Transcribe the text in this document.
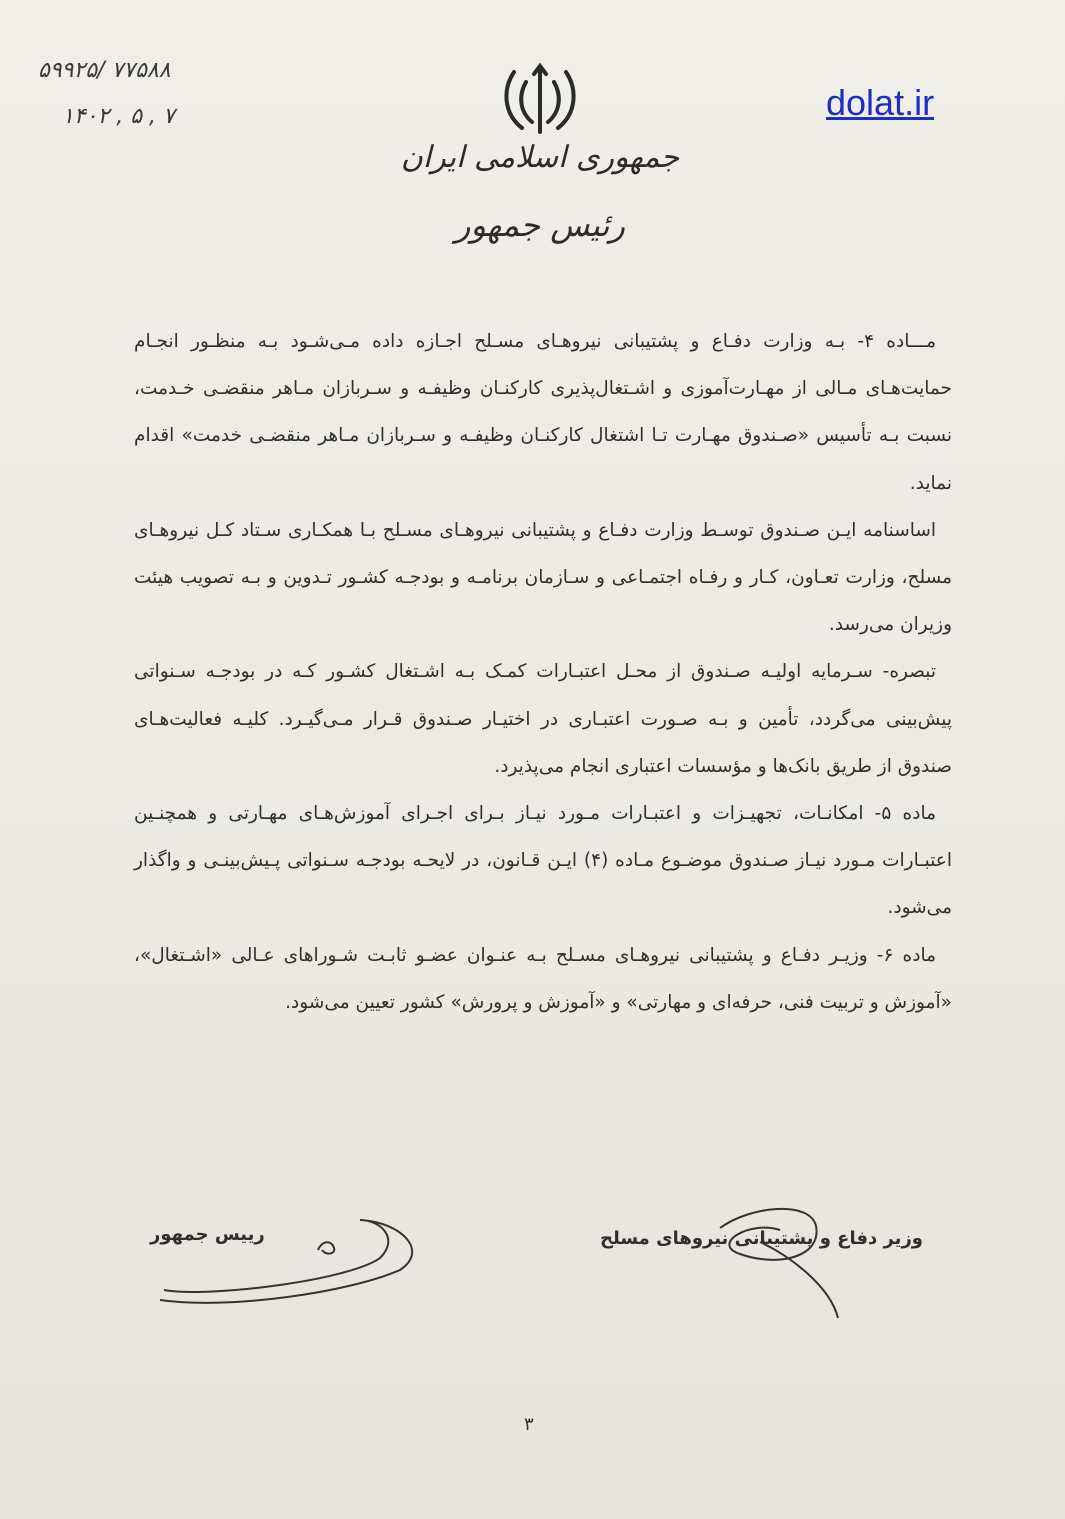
۵۹۹۲۵/ ۷۷۵۸۸
۱۴۰۲ , ۵ , ۷	dolat.ir
جمهوری اسلامی ایران
رئیس جمهور

مـــاده ۴- بـه وزارت دفـاع و پشتیبانی نیروهـای مسـلح اجـازه داده مـی‌شـود بـه منظـور انجـام حمایت‌هـای مـالی از مهـارت‌آموزی و اشـتغال‌پذیری کارکنـان وظیفـه و سـربازان مـاهر منقضـی خـدمت، نسبت بـه تأسیس «صـندوق مهـارت تـا اشتغال کارکنـان وظیفـه و سـربازان مـاهر منقضـی خدمت» اقدام نماید.

اساسنامه ایـن صـندوق توسـط وزارت دفـاع و پشتیبانی نیروهـای مسـلح بـا همکـاری سـتاد کـل نیروهـای مسلح، وزارت تعـاون، کـار و رفـاه اجتمـاعی و سـازمان برنامـه و بودجـه کشـور تـدوین و بـه تصویب هیئت وزیران می‌رسد.

تبصره- سـرمایه اولیـه صـندوق از محـل اعتبـارات کمـک بـه اشـتغال کشـور کـه در بودجـه سـنواتی پیش‌بینی می‌گردد، تأمین و بـه صـورت اعتبـاری در اختیـار صـندوق قـرار مـی‌گیـرد. کلیـه فعالیت‌هـای صندوق از طریق بانک‌ها و مؤسسات اعتباری انجام می‌پذیرد.

ماده ۵- امکانـات، تجهیـزات و اعتبـارات مـورد نیـاز بـرای اجـرای آموزش‌هـای مهـارتی و همچنـین اعتبـارات مـورد نیـاز صـندوق موضـوع مـاده (۴) ایـن قـانون، در لایحـه بودجـه سـنواتی پـیش‌بینـی و واگذار می‌شود.

ماده ۶- وزیـر دفـاع و پشتیبانی نیروهـای مسـلح بـه عنـوان عضـو ثابـت شـوراهای عـالی «اشـتغال»، «آموزش و تربیت فنی، حرفه‌ای و مهارتی» و «آموزش و پرورش» کشور تعیین می‌شود.

وزیر دفاع و پشتیبانی نیروهای مسلح
رییس جمهور
۳
